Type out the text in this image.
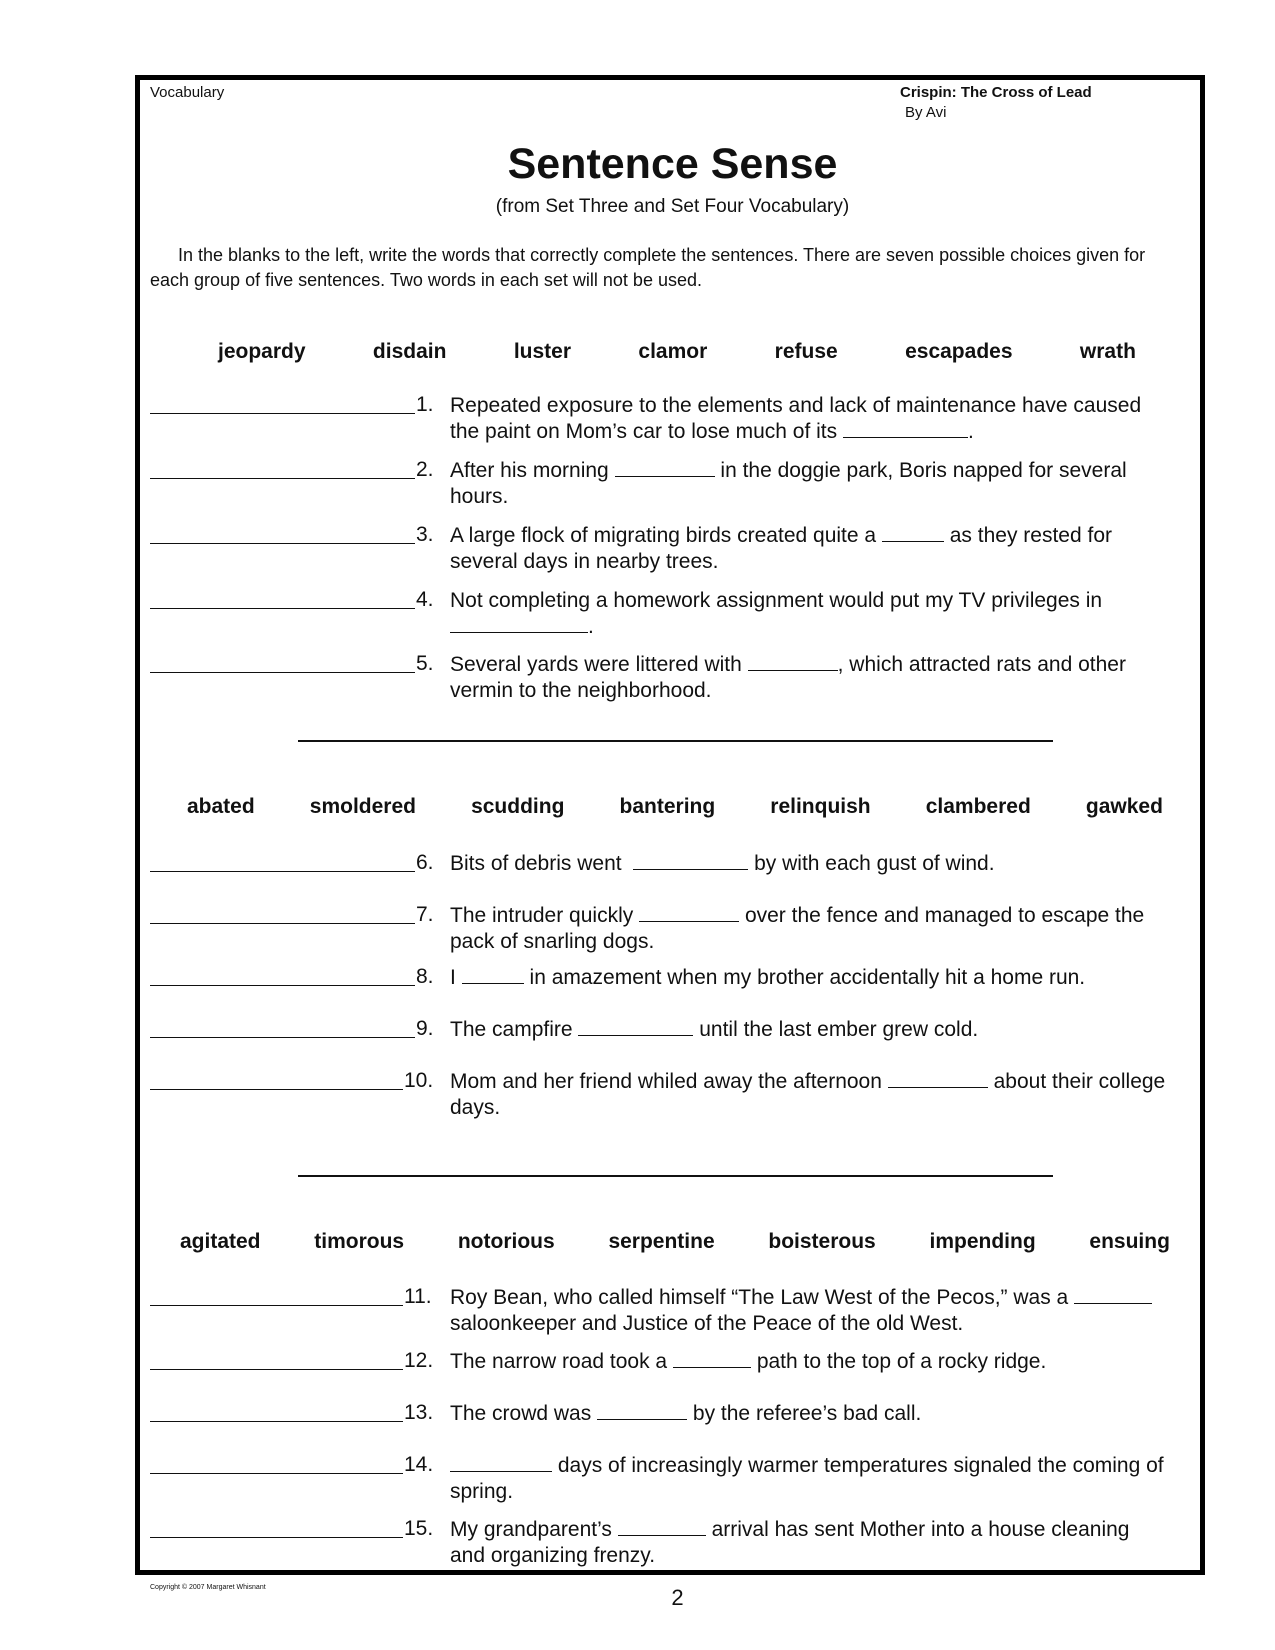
Vocabulary	Crispin: The Cross of Lead
By Avi
Sentence Sense
(from Set Three and Set Four Vocabulary)

In the blanks to the left, write the words that correctly complete the sentences. There are seven possible choices given for each group of five sentences. Two words in each set will not be used.

jeopardy	disdain	luster	clamor	refuse	escapades	wrath
1. Repeated exposure to the elements and lack of maintenance have caused the paint on Mom’s car to lose much of its	.
2. After his morning	in the doggie park, Boris napped for several hours.
3. A large flock of migrating birds created quite a	as they rested for several days in nearby trees.
4. Not completing a homework assignment would put my TV privileges in .
5. Several yards were littered with	, which attracted rats and other vermin to the neighborhood.
abated	smoldered	scudding	bantering	relinquish	clambered	gawked
6. Bits of debris went	by with each gust of wind.
7. The intruder quickly	over the fence and managed to escape the pack of snarling dogs.
8. I	in amazement when my brother accidentally hit a home run.
9. The campfire	until the last ember grew cold.
10. Mom and her friend whiled away the afternoon	about their college days.
agitated	timorous	notorious	serpentine	boisterous	impending	ensuing
11. Roy Bean, who called himself “The Law West of the Pecos,” was a  saloonkeeper and Justice of the Peace of the old West.
12. The narrow road took a	path to the top of a rocky ridge.
13. The crowd was	by the referee’s bad call.
14.	days of increasingly warmer temperatures signaled the coming of spring.
15. My grandparent’s	arrival has sent Mother into a house cleaning and organizing frenzy.
Copyright © 2007 Margaret Whisnant	2
